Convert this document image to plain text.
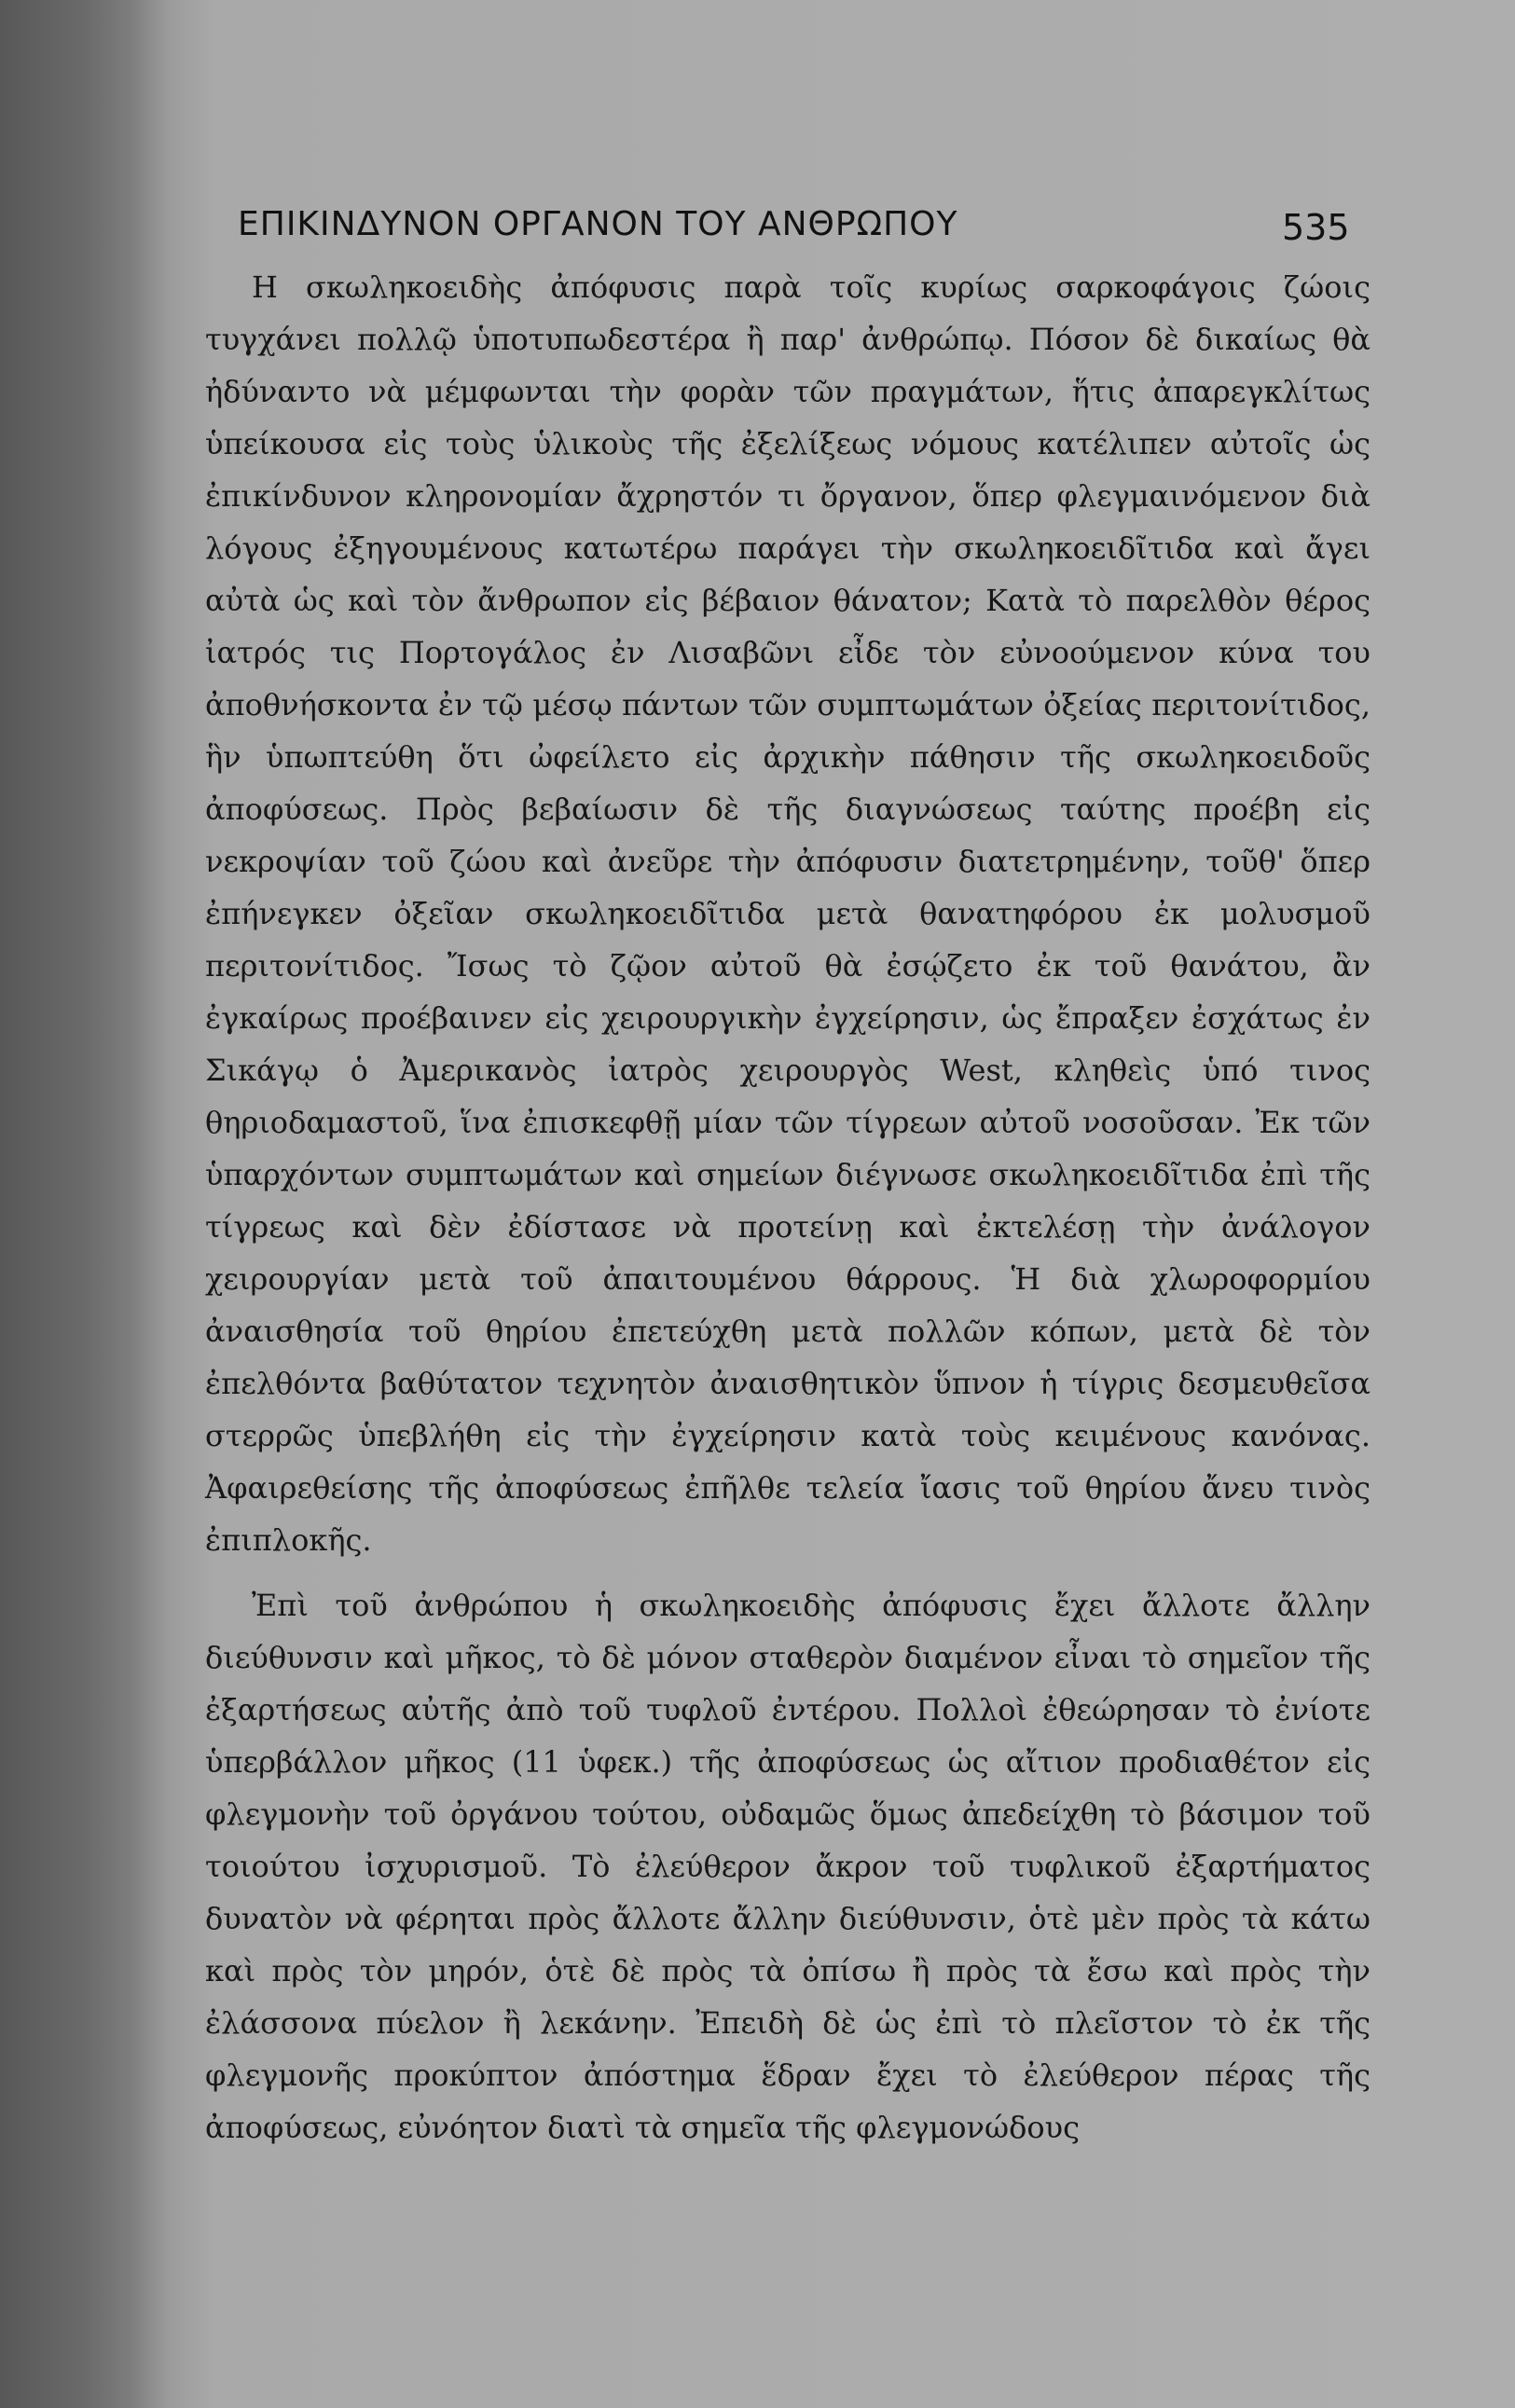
ΕΠΙΚΙΝΔΥΝΟΝ ΟΡΓΑΝΟΝ ΤΟΥ ΑΝΘΡΩΠΟΥ	535

Η σκωληκοειδὴς ἀπόφυσις παρὰ τοῖς κυρίως σαρκοφάγοις ζώοις τυγχάνει πολλῷ ὑποτυπωδεστέρα ἢ παρ' ἀνθρώπῳ. Πόσον δὲ δικαίως θὰ ἠδύναντο νὰ μέμφωνται τὴν φορὰν τῶν πραγμάτων, ἥτις ἀπαρεγκλίτως ὑπείκουσα εἰς τοὺς ὑλικοὺς τῆς ἐξελίξεως νόμους κατέλιπεν αὐτοῖς ὡς ἐπικίνδυνον κληρονομίαν ἄχρηστόν τι ὄργανον, ὅπερ φλεγμαινόμενον διὰ λόγους ἐξηγουμένους κατωτέρω παράγει τὴν σκωληκοειδῖτιδα καὶ ἄγει αὐτὰ ὡς καὶ τὸν ἄνθρωπον εἰς βέβαιον θάνατον; Κατὰ τὸ παρελθὸν θέρος ἰατρός τις Πορτογάλος ἐν Λισαβῶνι εἶδε τὸν εὐνοούμενον κύνα του ἀποθνήσκοντα ἐν τῷ μέσῳ πάντων τῶν συμπτωμάτων ὀξείας περιτονίτιδος, ἣν ὑπωπτεύθη ὅτι ὠφείλετο εἰς ἀρχικὴν πάθησιν τῆς σκωληκοειδοῦς ἀποφύσεως. Πρὸς βεβαίωσιν δὲ τῆς διαγνώσεως ταύτης προέβη εἰς νεκροψίαν τοῦ ζώου καὶ ἀνεῦρε τὴν ἀπόφυσιν διατετρημένην, τοῦθ' ὅπερ ἐπήνεγκεν ὀξεῖαν σκωληκοειδῖτιδα μετὰ θανατηφόρου ἐκ μολυσμοῦ περιτονίτιδος. Ἴσως τὸ ζῷον αὐτοῦ θὰ ἐσῴζετο ἐκ τοῦ θανάτου, ἂν ἐγκαίρως προέβαινεν εἰς χειρουργικὴν ἐγχείρησιν, ὡς ἔπραξεν ἐσχάτως ἐν Σικάγῳ ὁ Ἀμερικανὸς ἰατρὸς χειρουργὸς West, κληθεὶς ὑπό τινος θηριοδαμαστοῦ, ἵνα ἐπισκεφθῇ μίαν τῶν τίγρεων αὐτοῦ νοσοῦσαν. Ἐκ τῶν ὑπαρχόντων συμπτωμάτων καὶ σημείων διέγνωσε σκωληκοειδῖτιδα ἐπὶ τῆς τίγρεως καὶ δὲν ἐδίστασε νὰ προτείνῃ καὶ ἐκτελέσῃ τὴν ἀνάλογον χειρουργίαν μετὰ τοῦ ἀπαιτουμένου θάρρους. Ἡ διὰ χλωροφορμίου ἀναισθησία τοῦ θηρίου ἐπετεύχθη μετὰ πολλῶν κόπων, μετὰ δὲ τὸν ἐπελθόντα βαθύτατον τεχνητὸν ἀναισθητικὸν ὕπνον ἡ τίγρις δεσμευθεῖσα στερρῶς ὑπεβλήθη εἰς τὴν ἐγχείρησιν κατὰ τοὺς κειμένους κανόνας. Ἀφαιρεθείσης τῆς ἀποφύσεως ἐπῆλθε τελεία ἴασις τοῦ θηρίου ἄνευ τινὸς ἐπιπλοκῆς.

Ἐπὶ τοῦ ἀνθρώπου ἡ σκωληκοειδὴς ἀπόφυσις ἔχει ἄλλοτε ἄλλην διεύθυνσιν καὶ μῆκος, τὸ δὲ μόνον σταθερὸν διαμένον εἶναι τὸ σημεῖον τῆς ἐξαρτήσεως αὐτῆς ἀπὸ τοῦ τυφλοῦ ἐντέρου. Πολλοὶ ἐθεώρησαν τὸ ἐνίοτε ὑπερβάλλον μῆκος (11 ὑφεκ.) τῆς ἀποφύσεως ὡς αἴτιον προδιαθέτον εἰς φλεγμονὴν τοῦ ὀργάνου τούτου, οὐδαμῶς ὅμως ἀπεδείχθη τὸ βάσιμον τοῦ τοιούτου ἰσχυρισμοῦ. Τὸ ἐλεύθερον ἄκρον τοῦ τυφλικοῦ ἐξαρτήματος δυνατὸν νὰ φέρηται πρὸς ἄλλοτε ἄλλην διεύθυνσιν, ὁτὲ μὲν πρὸς τὰ κάτω καὶ πρὸς τὸν μηρόν, ὁτὲ δὲ πρὸς τὰ ὀπίσω ἢ πρὸς τὰ ἔσω καὶ πρὸς τὴν ἐλάσσονα πύελον ἢ λεκάνην. Ἐπειδὴ δὲ ὡς ἐπὶ τὸ πλεῖστον τὸ ἐκ τῆς φλεγμονῆς προκύπτον ἀπόστημα ἕδραν ἔχει τὸ ἐλεύθερον πέρας τῆς ἀποφύσεως, εὐνόητον διατὶ τὰ σημεῖα τῆς φλεγμονώδους
